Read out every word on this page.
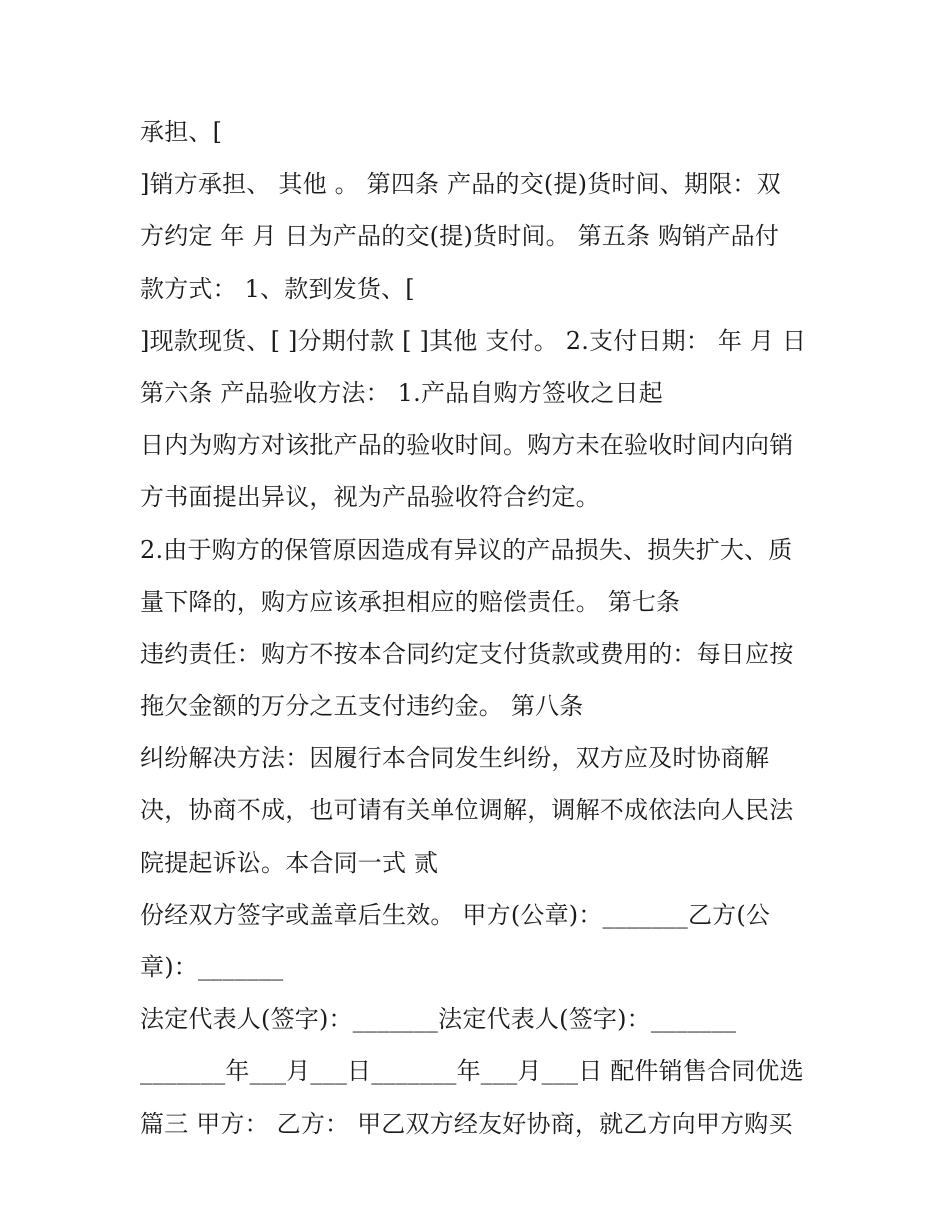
承担、[
]销方承担、 其他 。 第四条 产品的交(提)货时间、期限：双
方约定 年 月 日为产品的交(提)货时间。 第五条 购销产品付
款方式： 1、款到发货、[
]现款现货、[ ]分期付款 [ ]其他 支付。 2.支付日期： 年 月 日
第六条 产品验收方法： 1.产品自购方签收之日起
日内为购方对该批产品的验收时间。购方未在验收时间内向销
方书面提出异议，视为产品验收符合约定。
2.由于购方的保管原因造成有异议的产品损失、损失扩大、质
量下降的，购方应该承担相应的赔偿责任。 第七条
违约责任：购方不按本合同约定支付货款或费用的：每日应按
拖欠金额的万分之五支付违约金。 第八条
纠纷解决方法：因履行本合同发生纠纷，双方应及时协商解
决，协商不成，也可请有关单位调解，调解不成依法向人民法
院提起诉讼。本合同一式 贰
份经双方签字或盖章后生效。 甲方(公章)：_______乙方(公
章)：_______
法定代表人(签字)：_______法定代表人(签字)：_______
_______年___月___日_______年___月___日 配件销售合同优选
篇三 甲方： 乙方： 甲乙双方经友好协商，就乙方向甲方购买
